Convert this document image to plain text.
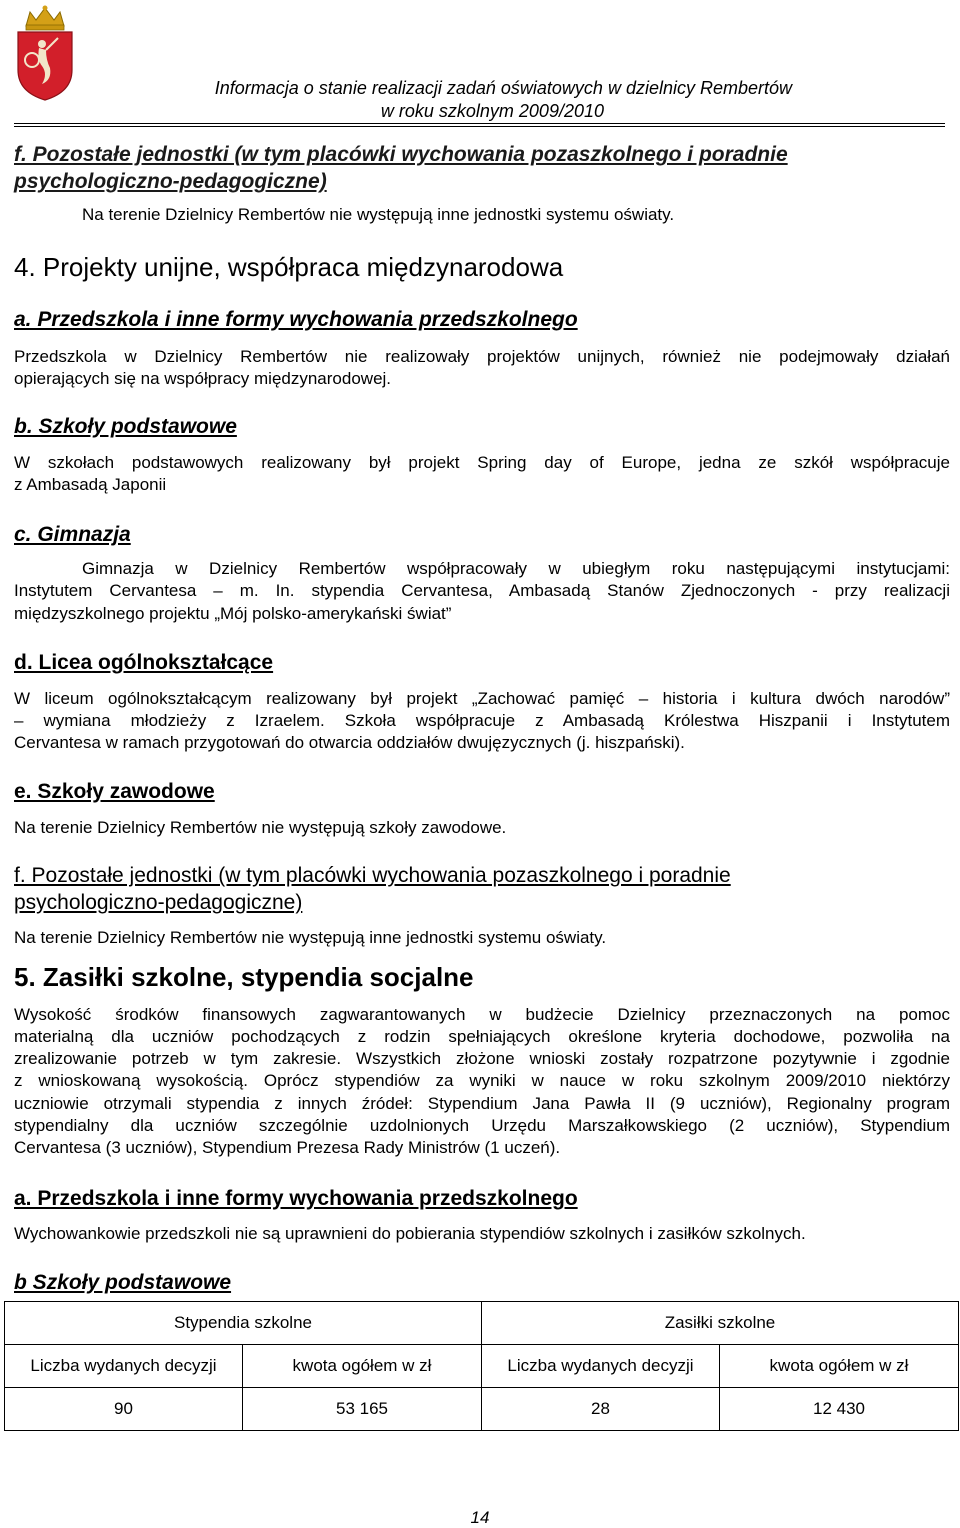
Informacja o stanie realizacji zadań oświatowych w dzielnicy Rembertów
w roku szkolnym 2009/2010
f. Pozostałe jednostki (w tym placówki wychowania pozaszkolnego i poradnie
psychologiczno-pedagogiczne)
Na terenie Dzielnicy Rembertów nie występują inne jednostki systemu oświaty.
4. Projekty unijne, współpraca międzynarodowa
a. Przedszkola i inne formy wychowania przedszkolnego
Przedszkola w Dzielnicy Rembertów nie realizowały projektów unijnych, również nie podejmowały działań
opierających się na współpracy międzynarodowej.
b. Szkoły podstawowe
W szkołach podstawowych realizowany był projekt Spring day of Europe, jedna ze szkół współpracuje
z Ambasadą Japonii
c. Gimnazja
Gimnazja w Dzielnicy Rembertów współpracowały w ubiegłym roku następującymi instytucjami:
Instytutem Cervantesa – m. In. stypendia Cervantesa, Ambasadą Stanów Zjednoczonych - przy realizacji
międzyszkolnego projektu „Mój polsko-amerykański świat”
d. Licea ogólnokształcące
W liceum ogólnokształcącym realizowany był projekt „Zachować pamięć – historia i kultura dwóch narodów”
– wymiana młodzieży z Izraelem. Szkoła współpracuje z Ambasadą Królestwa Hiszpanii i Instytutem
Cervantesa w ramach przygotowań do otwarcia oddziałów dwujęzycznych (j. hiszpański).
e. Szkoły zawodowe
Na terenie Dzielnicy Rembertów nie występują szkoły zawodowe.
f. Pozostałe jednostki (w tym placówki wychowania pozaszkolnego i poradnie
psychologiczno-pedagogiczne)
Na terenie Dzielnicy Rembertów nie występują inne jednostki systemu oświaty.
5. Zasiłki szkolne, stypendia socjalne
Wysokość środków finansowych zagwarantowanych w budżecie Dzielnicy przeznaczonych na pomoc
materialną dla uczniów pochodzących z rodzin spełniających określone kryteria dochodowe, pozwoliła na
zrealizowanie potrzeb w tym zakresie. Wszystkich złożone wnioski zostały rozpatrzone pozytywnie i zgodnie
z wnioskowaną wysokością. Oprócz stypendiów za wyniki w nauce w roku szkolnym 2009/2010 niektórzy
uczniowie otrzymali stypendia z innych źródeł: Stypendium Jana Pawła II (9 uczniów), Regionalny program
stypendialny dla uczniów szczególnie uzdolnionych Urzędu Marszałkowskiego (2 uczniów), Stypendium
Cervantesa (3 uczniów), Stypendium Prezesa Rady Ministrów (1 uczeń).
a. Przedszkola i inne formy wychowania przedszkolnego
Wychowankowie przedszkoli nie są uprawnieni do pobierania stypendiów szkolnych i zasiłków szkolnych.
b Szkoły podstawowe
Stypendia szkolne		Zasiłki szkolne	
Liczba wydanych decyzji	kwota ogółem w zł	Liczba wydanych decyzji	kwota ogółem w zł
90	53 165	28	12 430
14
